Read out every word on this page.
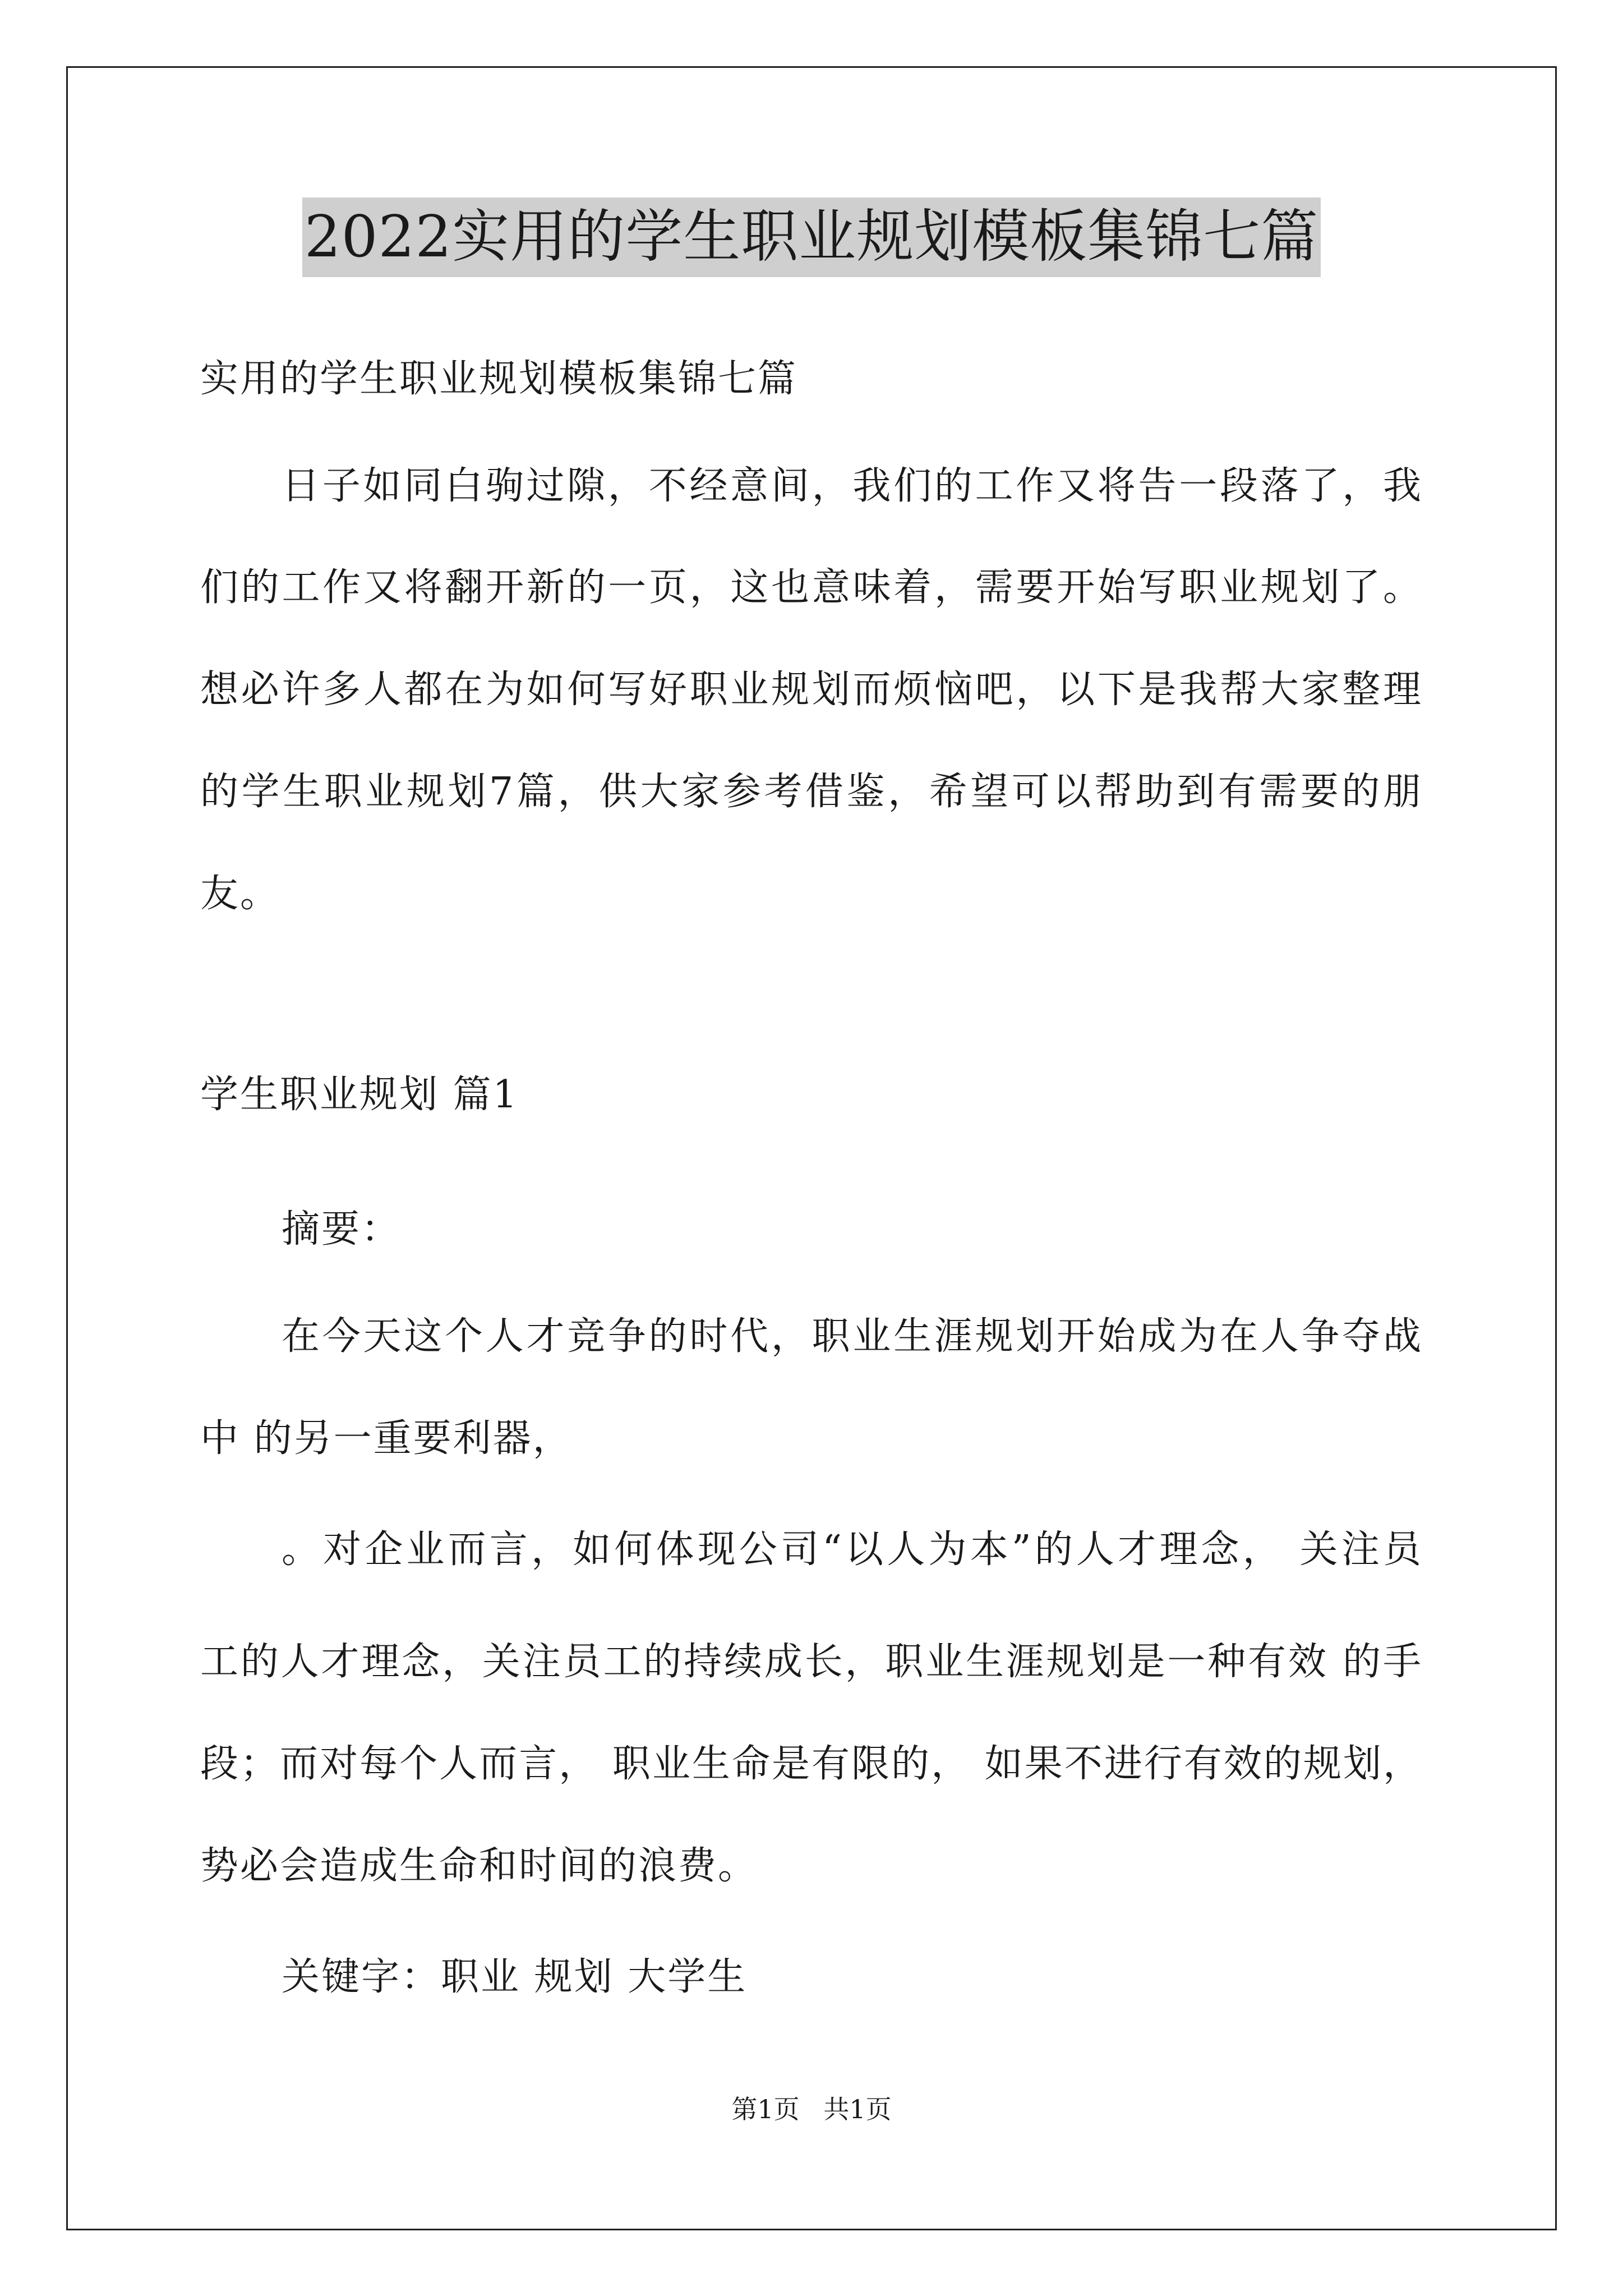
2022实用的学生职业规划模板集锦七篇
实用的学生职业规划模板集锦七篇
日子如同白驹过隙，不经意间，我们的工作又将告一段落了，我
们的工作又将翻开新的一页，这也意味着，需要开始写职业规划了。
想必许多人都在为如何写好职业规划而烦恼吧，以下是我帮大家整理
的学生职业规划7篇，供大家参考借鉴，希望可以帮助到有需要的朋
友。
学生职业规划 篇1
摘要：
在今天这个人才竞争的时代，职业生涯规划开始成为在人争夺战
中 的另一重要利器，
。对企业而言，如何体现公司“以人为本”的人才理念， 关注员
工的人才理念，关注员工的持续成长，职业生涯规划是一种有效 的手
段；而对每个人而言， 职业生命是有限的， 如果不进行有效的规划，
势必会造成生命和时间的浪费。
关键字：职业 规划 大学生
第1页 共1页
